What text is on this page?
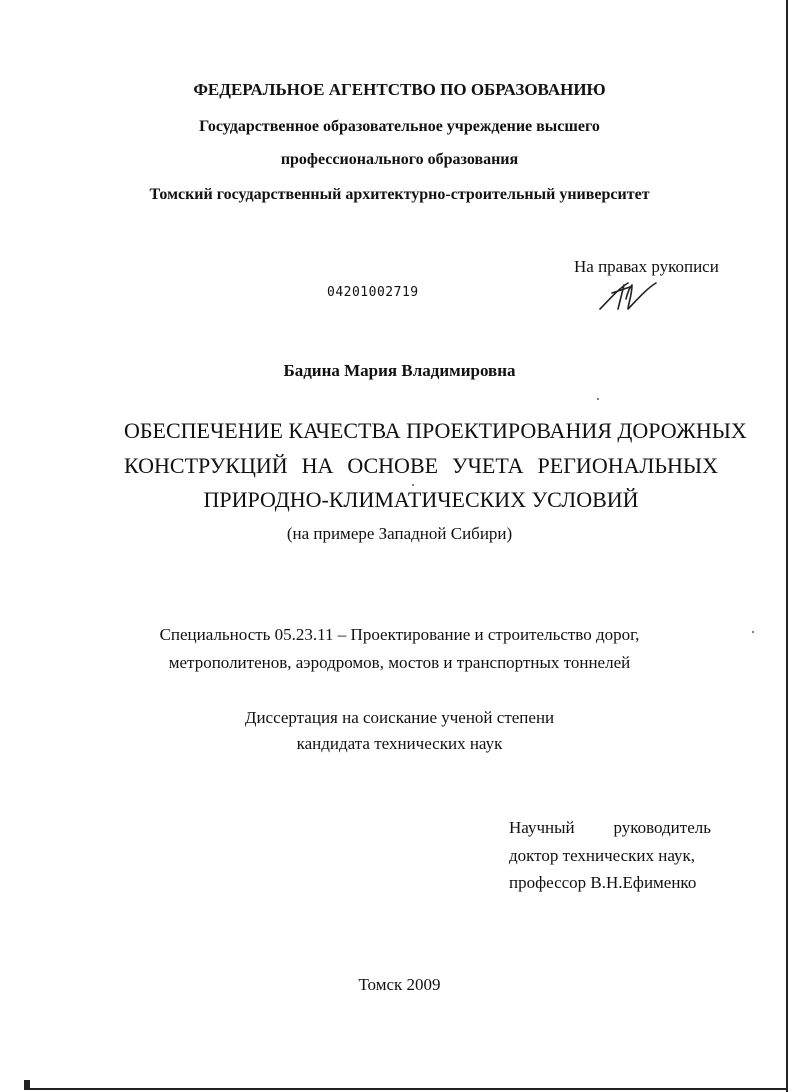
ФЕДЕРАЛЬНОЕ АГЕНТСТВО ПО ОБРАЗОВАНИЮ
Государственное образовательное учреждение высшего
профессионального образования
Томский государственный архитектурно-строительный университет
На правах рукописи
04201002719
Бадина Мария Владимировна
ОБЕСПЕЧЕНИЕ КАЧЕСТВА ПРОЕКТИРОВАНИЯ ДОРОЖНЫХ
КОНСТРУКЦИЙ НА ОСНОВЕ УЧЕТА РЕГИОНАЛЬНЫХ
ПРИРОДНО-КЛИМАТИЧЕСКИХ УСЛОВИЙ
(на примере Западной Сибири)
Специальность 05.23.11 – Проектирование и строительство дорог,
метрополитенов, аэродромов, мостов и транспортных тоннелей
Диссертация на соискание ученой степени
кандидата технических наук
Научный руководитель
доктор технических наук,
профессор В.Н.Ефименко
Томск 2009
